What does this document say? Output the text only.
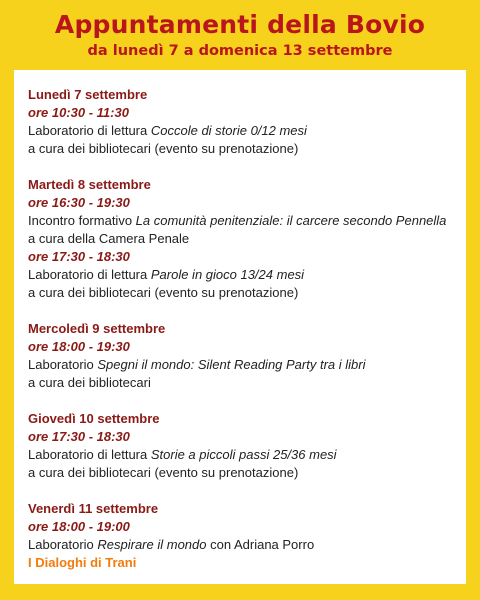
Appuntamenti della Bovio
da lunedì 7 a domenica 13 settembre
Lunedì 7 settembre
ore 10:30 - 11:30
Laboratorio di lettura Coccole di storie 0/12 mesi
a cura dei bibliotecari (evento su prenotazione)
Martedì 8 settembre
ore 16:30 - 19:30
Incontro formativo La comunità penitenziale: il carcere secondo Pennella
a cura della Camera Penale
ore 17:30 - 18:30
Laboratorio di lettura Parole in gioco 13/24 mesi
a cura dei bibliotecari (evento su prenotazione)
Mercoledì 9 settembre
ore 18:00 - 19:30
Laboratorio Spegni il mondo: Silent Reading Party tra i libri
a cura dei bibliotecari
Giovedì 10 settembre
ore 17:30 - 18:30
Laboratorio di lettura Storie a piccoli passi 25/36 mesi
a cura dei bibliotecari (evento su prenotazione)
Venerdì 11 settembre
ore 18:00 - 19:00
Laboratorio Respirare il mondo con Adriana Porro
I Dialoghi di Trani
